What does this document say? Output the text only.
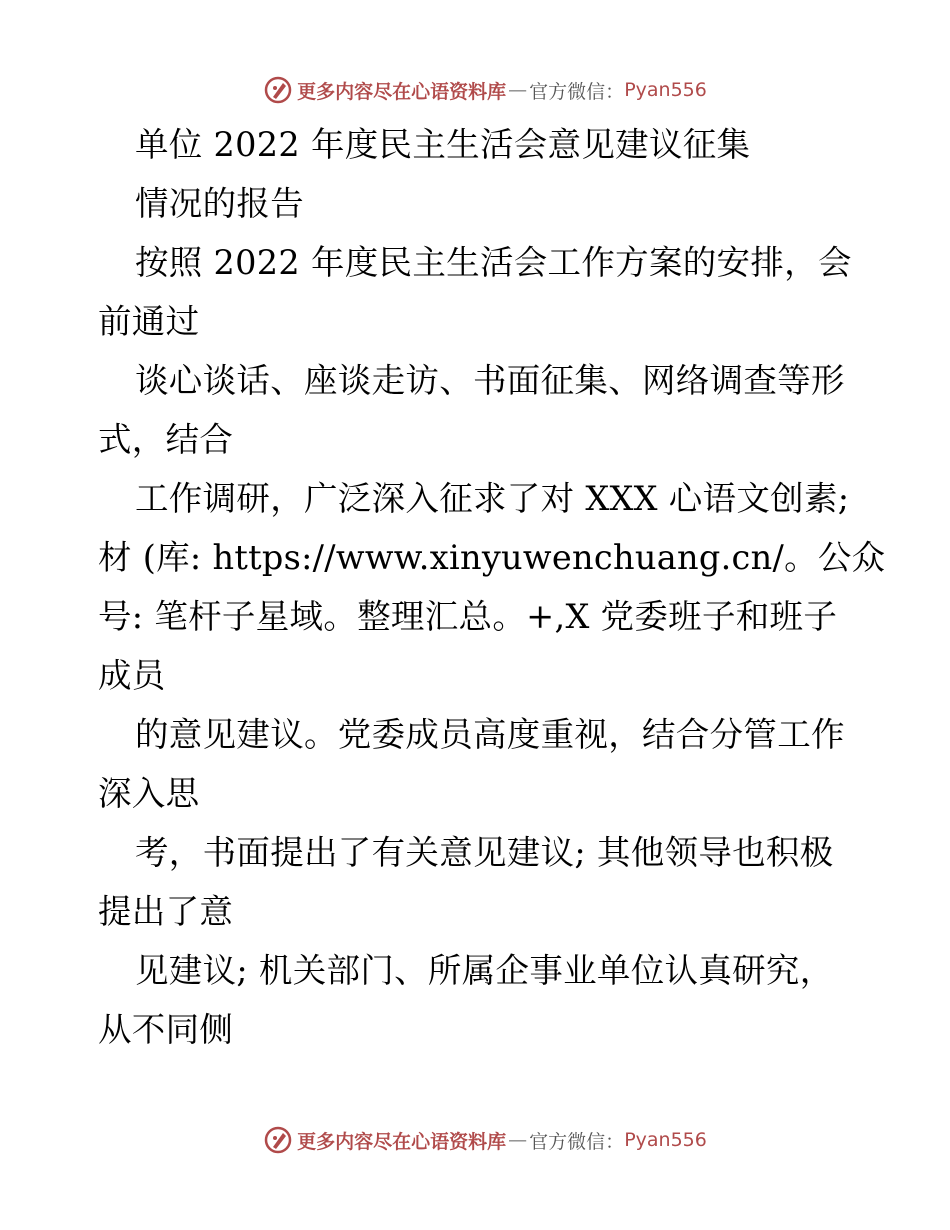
更多内容尽在心语资料库 — 官方微信： Pyan556
单位 2022 年度民主生活会意见建议征集
情况的报告
按照 2022 年度民主生活会工作方案的安排，会
前通过
谈心谈话、座谈走访、书面征集、网络调查等形
式，结合
工作调研，广泛深入征求了对 XXX 心语文创素;
材 (库: https://www.xinyuwenchuang.cn/。公众
号: 笔杆子星域。整理汇总。+,X 党委班子和班子
成员
的意见建议。党委成员高度重视，结合分管工作
深入思
考，书面提出了有关意见建议; 其他领导也积极
提出了意
见建议; 机关部门、所属企事业单位认真研究，
从不同侧
更多内容尽在心语资料库 — 官方微信： Pyan556
